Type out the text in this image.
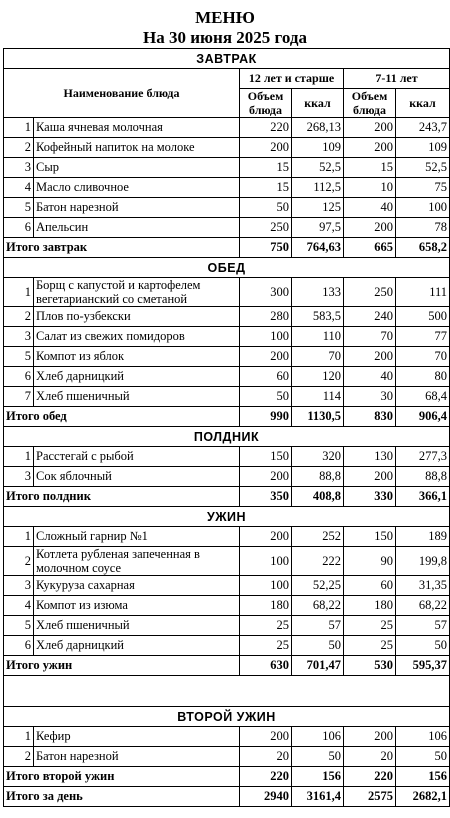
МЕНЮ
На 30 июня 2025 года
ЗАВТРАК					
Наименование блюда		12 лет и старше		7-11 лет	
		Объем блюда	ккал	Объем блюда	ккал
1	Каша ячневая молочная	220	268,13	200	243,7
2	Кофейный напиток на молоке	200	109	200	109
3	Сыр	15	52,5	15	52,5
4	Масло сливочное	15	112,5	10	75
5	Батон нарезной	50	125	40	100
6	Апельсин	250	97,5	200	78
Итого завтрак		750	764,63	665	658,2
ОБЕД					
1	Борщ с капустой и картофелем вегетарианский со сметаной	300	133	250	111
2	Плов по-узбекски	280	583,5	240	500
3	Салат из свежих помидоров	100	110	70	77
5	Компот из яблок	200	70	200	70
6	Хлеб дарницкий	60	120	40	80
7	Хлеб пшеничный	50	114	30	68,4
Итого обед		990	1130,5	830	906,4
ПОЛДНИК					
1	Расстегай с рыбой	150	320	130	277,3
3	Сок яблочный	200	88,8	200	88,8
Итого полдник		350	408,8	330	366,1
УЖИН					
1	Сложный гарнир №1	200	252	150	189
2	Котлета рубленая запеченная в молочном соусе	100	222	90	199,8
3	Кукуруза сахарная	100	52,25	60	31,35
4	Компот из изюма	180	68,22	180	68,22
5	Хлеб пшеничный	25	57	25	57
6	Хлеб дарницкий	25	50	25	50
Итого ужин		630	701,47	530	595,37

ВТОРОЙ УЖИН					
1	Кефир	200	106	200	106
2	Батон нарезной	20	50	20	50
Итого второй ужин		220	156	220	156
Итого за день		2940	3161,4	2575	2682,1
